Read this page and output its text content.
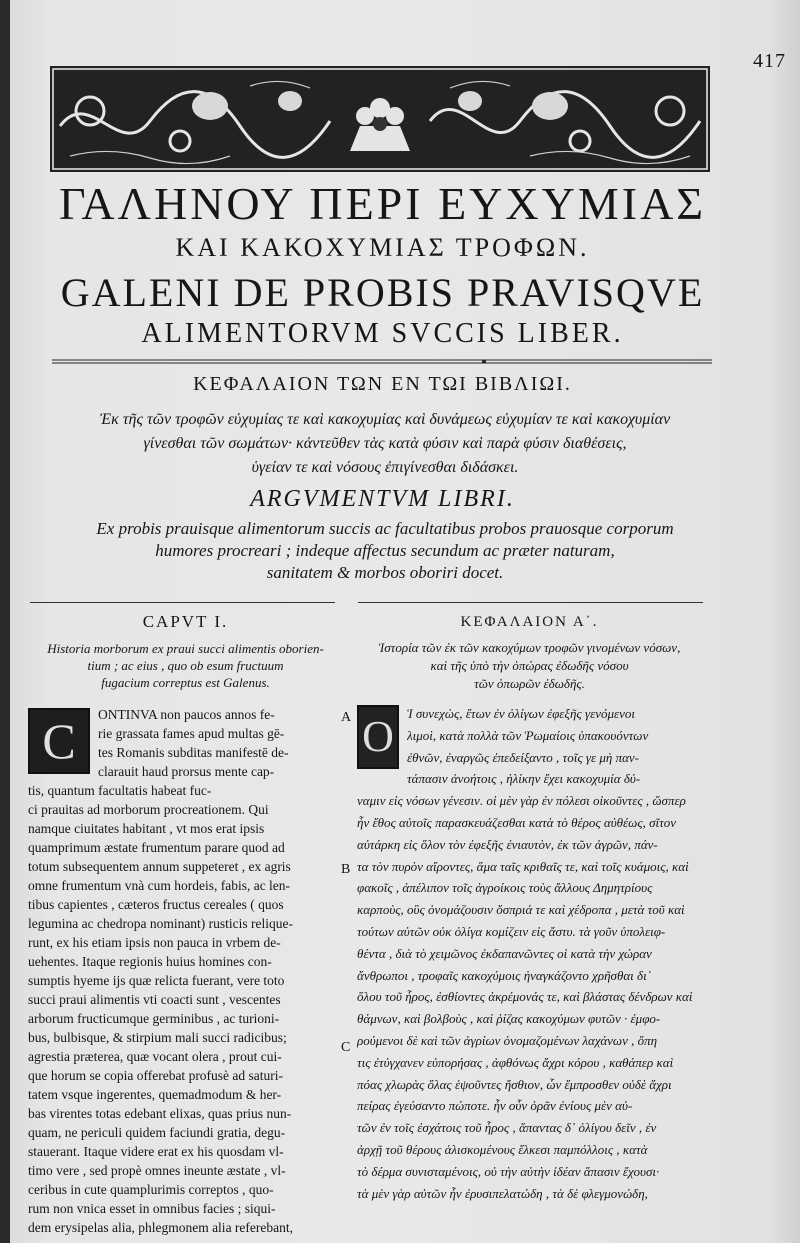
417
ΓΑΛΗΝΟΥ ΠΕΡΙ ΕΥΧΥΜΙΑΣ
ΚΑΙ ΚΑΚΟΧΥΜΙΑΣ ΤΡΟΦΩΝ.
GALENI DE PROBIS PRAVISQVE
ALIMENTORVM SVCCIS LIBER.
ΚΕΦΑΛΑΙΟΝ ΤΩΝ ΕΝ ΤΩΙ ΒΙΒΛΙΩΙ.
Ἐκ τῆς τῶν τροφῶν εὐχυμίας τε καὶ κακοχυμίας καὶ δυνάμεως εὐχυμίαν τε καὶ κακοχυμίαν
γίνεσθαι τῶν σωμάτων· κἀντεῦθεν τὰς κατὰ φύσιν καὶ παρὰ φύσιν διαθέσεις,
ὑγείαν τε καὶ νόσους ἐπιγίνεσθαι διδάσκει.
ARGVMENTVM LIBRI.
Ex probis prauisque alimentorum succis ac facultatibus probos prauosque corporum
humores procreari ; indeque affectus secundum ac præter naturam,
sanitatem & morbos oboriri docet.
CAPVT I.
Historia morborum ex praui succi alimentis oborien-
tium ; ac eius , quo ob esum fructuum
fugacium correptus est Galenus.
C	ONTINVA non paucos annos fe-
rie grassata fames apud multas gē-
tes Romanis subditas manifestē de-
clarauit haud prorsus mente cap-
tis, quantum facultatis habeat fuc-
ci prauitas ad morborum procreationem. Qui
namque ciuitates habitant , vt mos erat ipsis
quamprimum æstate frumentum parare quod ad
totum subsequentem annum suppeteret , ex agris
omne frumentum vnà cum hordeis, fabis, ac len-
tibus capientes , cæteros fructus cereales ( quos
legumina ac chedropa nominant) rusticis relique-
runt, ex his etiam ipsis non pauca in vrbem de-
uehentes. Itaque regionis huius homines con-
sumptis hyeme ijs quæ relicta fuerant, vere toto
succi praui alimentis vti coacti sunt , vescentes
arborum fructicumque germinibus , ac turioni-
bus, bulbisque, & stirpium mali succi radicibus;
agrestia præterea, quæ vocant olera , prout cui-
que horum se copia offerebat profusè ad saturi-
tatem vsque ingerentes, quemadmodum & her-
bas virentes totas edebant elixas, quas prius nun-
quam, ne periculi quidem faciundi gratia, degu-
stauerant. Itaque videre erat ex his quosdam vl-
timo vere , sed propè omnes ineunte æstate , vl-
ceribus in cute quamplurimis correptos , quo-
rum non vnica esset in omnibus facies ; siqui-
dem erysipelas alia, phlegmonem alia referebant,
A
B
C
ΚΕΦΑΛΑΙΟΝ Α΄.
Ἱστορία τῶν ἐκ τῶν κακοχύμων τροφῶν γινομένων νόσων,
καὶ τῆς ὑπὸ τὴν ὀπώρας ἐδωδῆς νόσου
τῶν ὀπωρῶν ἐδωδῆς.
Ο	Ἱ συνεχὼς, ἔτων ἐν ὀλίγων ἐφεξῆς γενόμενοι
λιμοὶ, κατὰ πολλὰ τῶν Ῥωμαίοις ὑπακουόντων
ἐθνῶν, ἐναργῶς ἐπεδείξαντο , τοῖς γε μὴ παν-
τάπασιν ἀνοήτοις , ἡλίκην ἔχει κακοχυμία δύ-
ναμιν εἰς νόσων γένεσιν. οἱ μὲν γὰρ ἐν πόλεσι οἰκοῦντες , ὥσπερ
ἦν ἔθος αὐτοῖς παρασκευάζεσθαι κατὰ τὸ θέρος αὐθέως, σῖτον
αὐτάρκη εἰς ὅλον τὸν ἐφεξῆς ἐνιαυτὸν, ἐκ τῶν ἀγρῶν, πάν-
τα τὸν πυρὸν αἴροντες, ἅμα ταῖς κριθαῖς τε, καὶ τοῖς κυάμοις, καὶ
φακοῖς , ἀπέλιπον τοῖς ἀγροίκοις τοὺς ἄλλους Δημητρίους
καρποὺς, οὓς ὀνομάζουσιν ὄσπριά τε καὶ χέδροπα , μετὰ τοῦ καὶ
τούτων αὐτῶν οὐκ ὀλίγα κομίζειν εἰς ἄστυ. τὰ γοῦν ὑπολειφ-
θέντα , διὰ τὸ χειμῶνος ἐκδαπανῶντες οἱ κατὰ τὴν χώραν
ἄνθρωποι , τροφαῖς κακοχύμοις ἠναγκάζοντο χρῆσθαι δι᾽
ὅλου τοῦ ἦρος, ἐσθίοντες ἀκρέμονάς τε, καὶ βλάστας δένδρων καὶ
θάμνων, καὶ βολβοὺς , καὶ ῥίζας κακοχύμων φυτῶν · ἐμφο-
ρούμενοι δὲ καὶ τῶν ἀγρίων ὀνομαζομένων λαχάνων , ὅπη
τις ἐτύγχανεν εὐπορήσας , ἀφθόνως ἄχρι κόρου , καθάπερ καὶ
πόας χλωρὰς ὅλας ἑψοῦντες ἤσθιον, ὧν ἔμπροσθεν οὐδὲ ἄχρι
πείρας ἐγεύσαντο πώποτε. ἦν οὖν ὁρᾶν ἐνίους μὲν αὐ-
τῶν ἐν τοῖς ἐσχάτοις τοῦ ἦρος , ἅπαντας δ᾽ ὀλίγου δεῖν , ἐν
ἀρχῇ τοῦ θέρους ἁλισκομένους ἕλκεσι παμπόλλοις , κατὰ
τὸ δέρμα συνισταμένοις, οὐ τὴν αὐτὴν ἰδέαν ἅπασιν ἔχουσι·
τὰ μὲν γὰρ αὐτῶν ἦν ἐρυσιπελατώδη , τὰ δὲ φλεγμονώδη,
